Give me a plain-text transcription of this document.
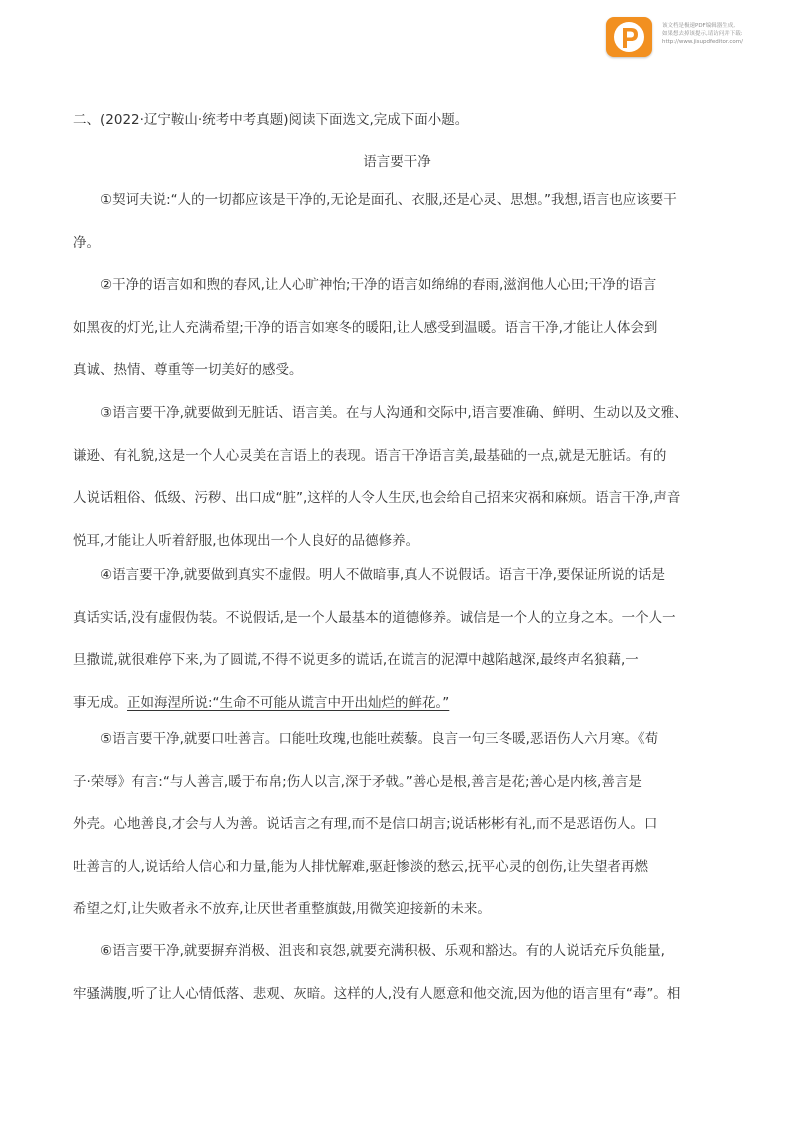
该文档是极速PDF编辑器生成,
如果想去掉该提示,请访问并下载:
http://www.jisupdfeditor.com/
二、(2022·辽宁鞍山·统考中考真题)阅读下面选文,完成下面小题。
语言要干净
①契诃夫说:“人的一切都应该是干净的,无论是面孔、衣服,还是心灵、思想。”我想,语言也应该要干
净。
②干净的语言如和煦的春风,让人心旷神怡;干净的语言如绵绵的春雨,滋润他人心田;干净的语言
如黑夜的灯光,让人充满希望;干净的语言如寒冬的暖阳,让人感受到温暖。语言干净,才能让人体会到
真诚、热情、尊重等一切美好的感受。
③语言要干净,就要做到无脏话、语言美。在与人沟通和交际中,语言要准确、鲜明、生动以及文雅、
谦逊、有礼貌,这是一个人心灵美在言语上的表现。语言干净语言美,最基础的一点,就是无脏话。有的
人说话粗俗、低级、污秽、出口成“脏”,这样的人令人生厌,也会给自己招来灾祸和麻烦。语言干净,声音
悦耳,才能让人听着舒服,也体现出一个人良好的品德修养。
④语言要干净,就要做到真实不虚假。明人不做暗事,真人不说假话。语言干净,要保证所说的话是
真话实话,没有虚假伪装。不说假话,是一个人最基本的道德修养。诚信是一个人的立身之本。一个人一
旦撒谎,就很难停下来,为了圆谎,不得不说更多的谎话,在谎言的泥潭中越陷越深,最终声名狼藉,一
事无成。正如海涅所说:“生命不可能从谎言中开出灿烂的鲜花。”
⑤语言要干净,就要口吐善言。口能吐玫瑰,也能吐蒺藜。良言一句三冬暖,恶语伤人六月寒。《荀
子·荣辱》有言:“与人善言,暖于布帛;伤人以言,深于矛戟。”善心是根,善言是花;善心是内核,善言是
外壳。心地善良,才会与人为善。说话言之有理,而不是信口胡言;说话彬彬有礼,而不是恶语伤人。口
吐善言的人,说话给人信心和力量,能为人排忧解难,驱赶惨淡的愁云,抚平心灵的创伤,让失望者再燃
希望之灯,让失败者永不放弃,让厌世者重整旗鼓,用微笑迎接新的未来。
⑥语言要干净,就要摒弃消极、沮丧和哀怨,就要充满积极、乐观和豁达。有的人说话充斥负能量,
牢骚满腹,听了让人心情低落、悲观、灰暗。这样的人,没有人愿意和他交流,因为他的语言里有“毒”。相
